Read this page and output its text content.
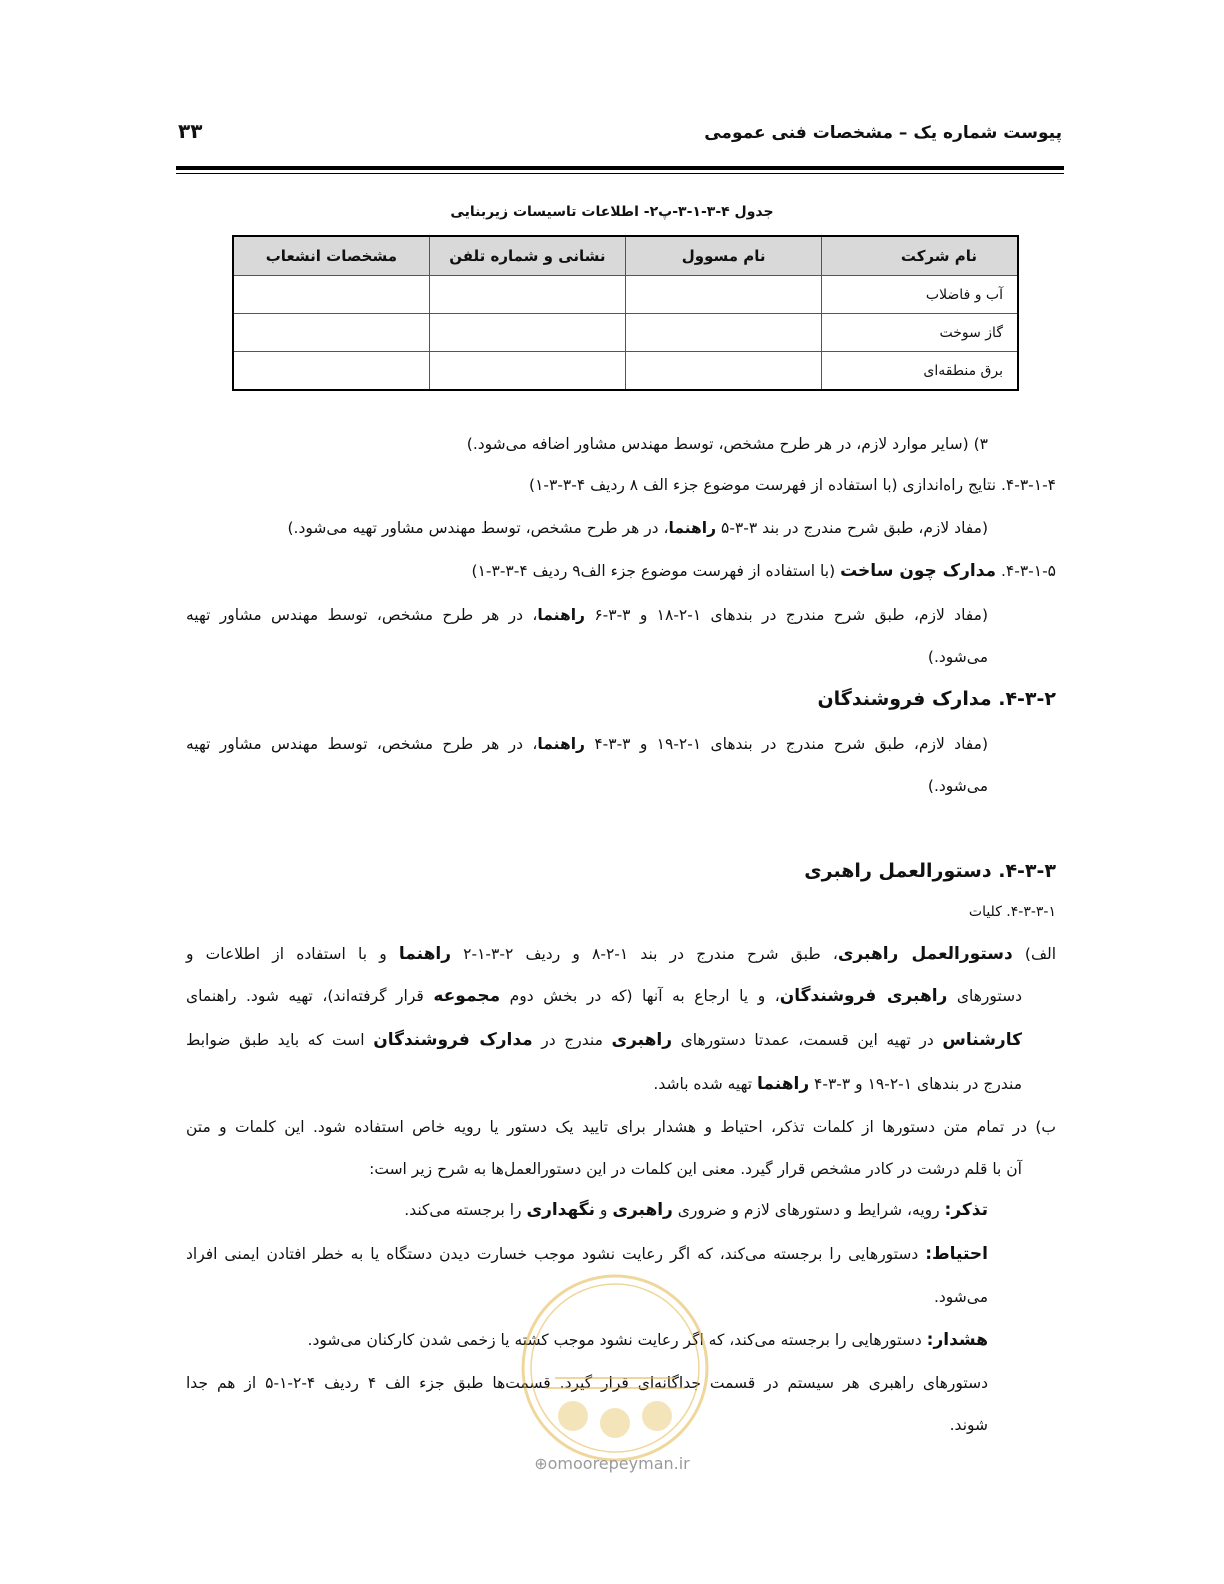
پیوست شماره یک – مشخصات فنی عمومی
۳۳
جدول ۴-۳-۱-۳-پ۲- اطلاعات تاسیسات زیربنایی
نام شرکت	نام مسوول	نشانی و شماره تلفن	مشخصات انشعاب
آب و فاضلاب			
گاز سوخت			
برق منطقه‌ای			
۳) (سایر موارد لازم، در هر طرح مشخص، توسط مهندس مشاور اضافه می‌شود.)
۴-۳-۱-۴. نتایج راه‌اندازی (با استفاده از فهرست موضوع جزء الف ۸ ردیف ۴-۳-۳-۱)
(مفاد لازم، طبق شرح مندرج در بند ۳-۳-۵ راهنما، در هر طرح مشخص، توسط مهندس مشاور تهیه می‌شود.)
۴-۳-۱-۵. مدارک چون ساخت (با استفاده از فهرست موضوع جزء الف۹ ردیف ۴-۳-۳-۱)
(مفاد لازم، طبق شرح مندرج در بندهای ۱-۲-۱۸ و ۳-۳-۶ راهنما، در هر طرح مشخص، توسط مهندس مشاور تهیه
می‌شود.)
۴-۳-۲. مدارک فروشندگان
(مفاد لازم، طبق شرح مندرج در بندهای ۱-۲-۱۹ و ۳-۳-۴ راهنما، در هر طرح مشخص، توسط مهندس مشاور تهیه
می‌شود.)
۴-۳-۳. دستورالعمل راهبری
۴-۳-۳-۱. کلیات
الف) دستورالعمل راهبری، طبق شرح مندرج در بند ۱-۲-۸ و ردیف ۲-۳-۱-۲ راهنما و با استفاده از اطلاعات و
دستورهای راهبری فروشندگان، و یا ارجاع به آنها (که در بخش دوم مجموعه قرار گرفته‌اند)، تهیه شود. راهنمای
کارشناس در تهیه این قسمت، عمدتا دستورهای راهبری مندرج در مدارک فروشندگان است که باید طبق ضوابط
مندرج در بندهای ۱-۲-۱۹ و ۳-۳-۴ راهنما تهیه شده باشد.
ب) در تمام متن دستورها از کلمات تذکر، احتیاط و هشدار برای تایید یک دستور یا رویه خاص استفاده شود. این کلمات و متن
آن با قلم درشت در کادر مشخص قرار گیرد. معنی این کلمات در این دستورالعمل‌ها به شرح زیر است:
تذکر: رویه، شرایط و دستورهای لازم و ضروری راهبری و نگهداری را برجسته می‌کند.
احتیاط: دستورهایی را برجسته می‌کند، که اگر رعایت نشود موجب خسارت دیدن دستگاه یا به خطر افتادن ایمنی افراد
می‌شود.
هشدار: دستورهایی را برجسته می‌کند، که اگر رعایت نشود موجب کشته یا زخمی شدن کارکنان می‌شود.
دستورهای راهبری هر سیستم در قسمت جداگانه‌ای قرار گیرد. قسمت‌ها طبق جزء الف ۴ ردیف ۴-۲-۱-۵ از هم جدا
شوند.
⊕omoorepeyman.ir
